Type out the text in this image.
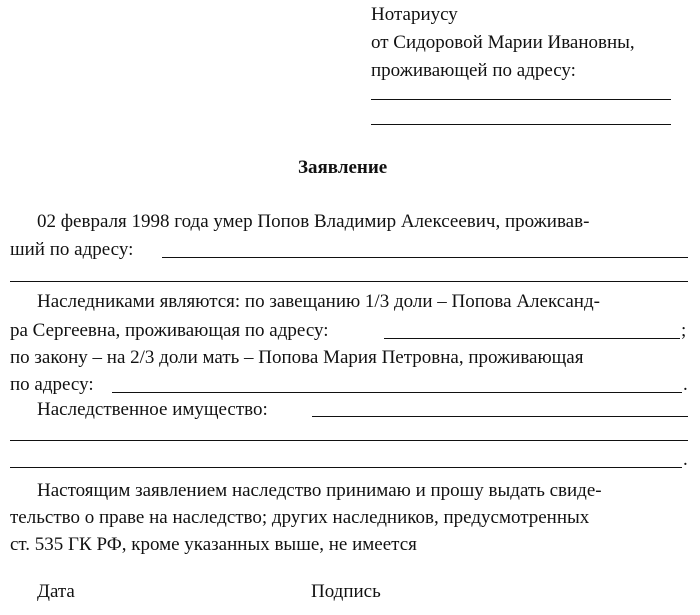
Нотариусу
от Сидоровой Марии Ивановны,
проживающей по адресу:
Заявление
02 февраля 1998 года умер Попов Владимир Алексеевич, проживав-
ший по адресу:
Наследниками являются: по завещанию 1/3 доли – Попова Александ-
ра Сергеевна, проживающая по адресу:	;
по закону – на 2/3 доли мать – Попова Мария Петровна, проживающая
по адресу:	.
Наследственное имущество:
.
Настоящим заявлением наследство принимаю и прошу выдать свиде-
тельство о праве на наследство; других наследников, предусмотренных
ст. 535 ГК РФ, кроме указанных выше, не имеется
Дата	Подпись
